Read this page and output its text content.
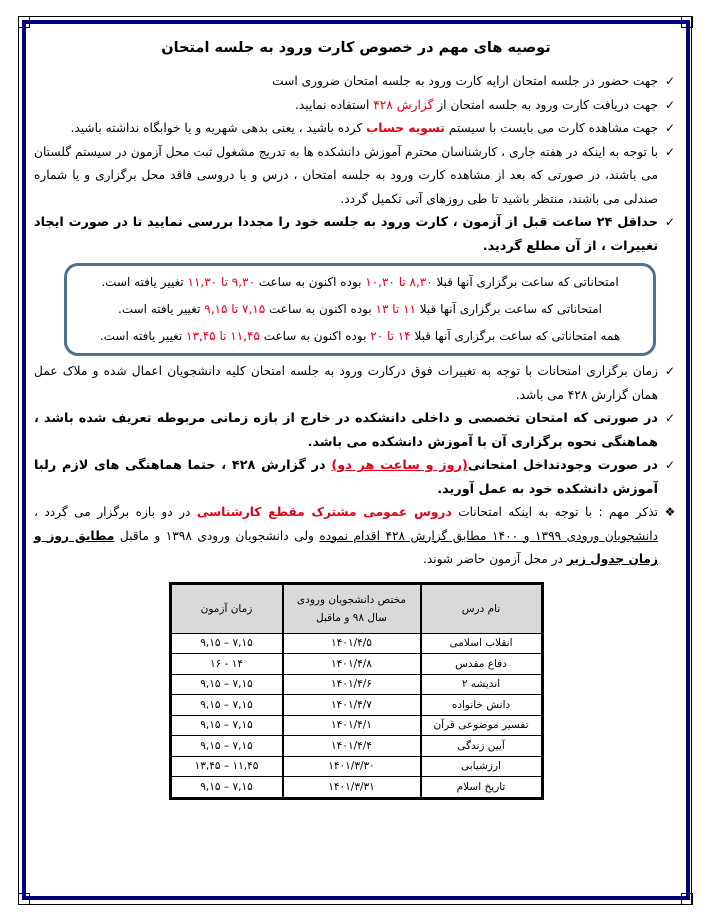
توصیه های مهم در خصوص کارت ورود به جلسه امتحان

✓
جهت حضور در جلسه امتحان ارایه کارت ورود به جلسه امتحان ضروری است

✓
جهت دریافت کارت ورود به جلسه امتحان از گزارش ۴۲۸ استفاده نمایید.

✓
جهت مشاهده کارت می بایست با سیستم تسویه حساب کرده باشید ، یعنی بدهی شهریه و یا خوابگاه نداشته باشید.

✓
با توجه به اینکه در هفته جاری ، کارشناسان محترم آموزش دانشکده ها به تدریج مشغول ثبت محل آزمون در سیستم گلستان می باشند، در صورتی که بعد از مشاهده کارت ورود به جلسه امتحان ، درس و یا دروسی فاقد محل برگزاری و یا شماره صندلی می باشند، منتظر باشید تا طی روزهای آتی تکمیل گردد.

✓
حداقل ۲۴ ساعت قبل از آزمون ، کارت ورود به جلسه خود را مجددا بررسی نمایید تا در صورت ایجاد تغییرات ، از آن مطلع گردید.

امتحاناتی که ساعت برگزاری آنها قبلا ۸,۳۰ تا ۱۰,۳۰ بوده اکنون به ساعت ۹,۳۰ تا ۱۱,۳۰ تغییر یافته است.

امتحاناتی که ساعت برگزاری آنها قبلا ۱۱ تا ۱۳ بوده اکنون به ساعت ۷,۱۵ تا ۹,۱۵ تغییر یافته است.

همه امتحاناتی که ساعت برگزاری آنها قبلا ۱۴ تا ۲۰ بوده اکنون به ساعت ۱۱,۴۵ تا ۱۳,۴۵ تغییر یافته است.

✓
زمان برگزاری امتحانات با توجه به تغییرات فوق درکارت ورود به جلسه امتحان کلیه دانشجویان اعمال شده و ملاک عمل همان گزارش ۴۲۸ می باشد.

✓
در صورتی که امتحان تخصصی و داخلی دانشکده در خارج از بازه زمانی مربوطه تعریف شده باشد ، هماهنگی نحوه برگزاری آن با آموزش دانشکده می باشد.

✓
در صورت وجودتداخل امتحانی(روز و ساعت هر دو) در گزارش ۴۲۸ ، حتما هماهنگی های لازم رلبا آموزش دانشکده خود به عمل آورید.

❖
تذکر مهم : با توجه به اینکه امتحانات دروس عمومی مشترک مقطع کارشناسی در دو بازه برگزار می گردد ، دانشجویان ورودی ۱۳۹۹ و ۱۴۰۰ مطابق گزارش ۴۲۸ اقدام نموده ولی دانشجویان ورودی ۱۳۹۸ و ماقبل مطابق روز و زمان جدول زیر در محل آزمون حاضر شوند.

نام درس	مختص دانشجویان ورودی سال ۹۸ و ماقبل	زمان آزمون
انقلاب اسلامی	۱۴۰۱/۴/۵	۷,۱۵ – ۹,۱۵
دفاع مقدس	۱۴۰۱/۴/۸	۱۴ - ۱۶
اندیشه ۲	۱۴۰۱/۴/۶	۷,۱۵ – ۹,۱۵
دانش خانواده	۱۴۰۱/۴/۷	۷,۱۵ – ۹,۱۵
تفسیر موضوعی قرآن	۱۴۰۱/۴/۱	۷,۱۵ – ۹,۱۵
آیین زندگی	۱۴۰۱/۴/۴	۷,۱۵ – ۹,۱۵
ارزشیابی	۱۴۰۱/۳/۳۰	۱۱,۴۵ – ۱۳,۴۵
تاریخ اسلام	۱۴۰۱/۳/۳۱	۷,۱۵ – ۹,۱۵
